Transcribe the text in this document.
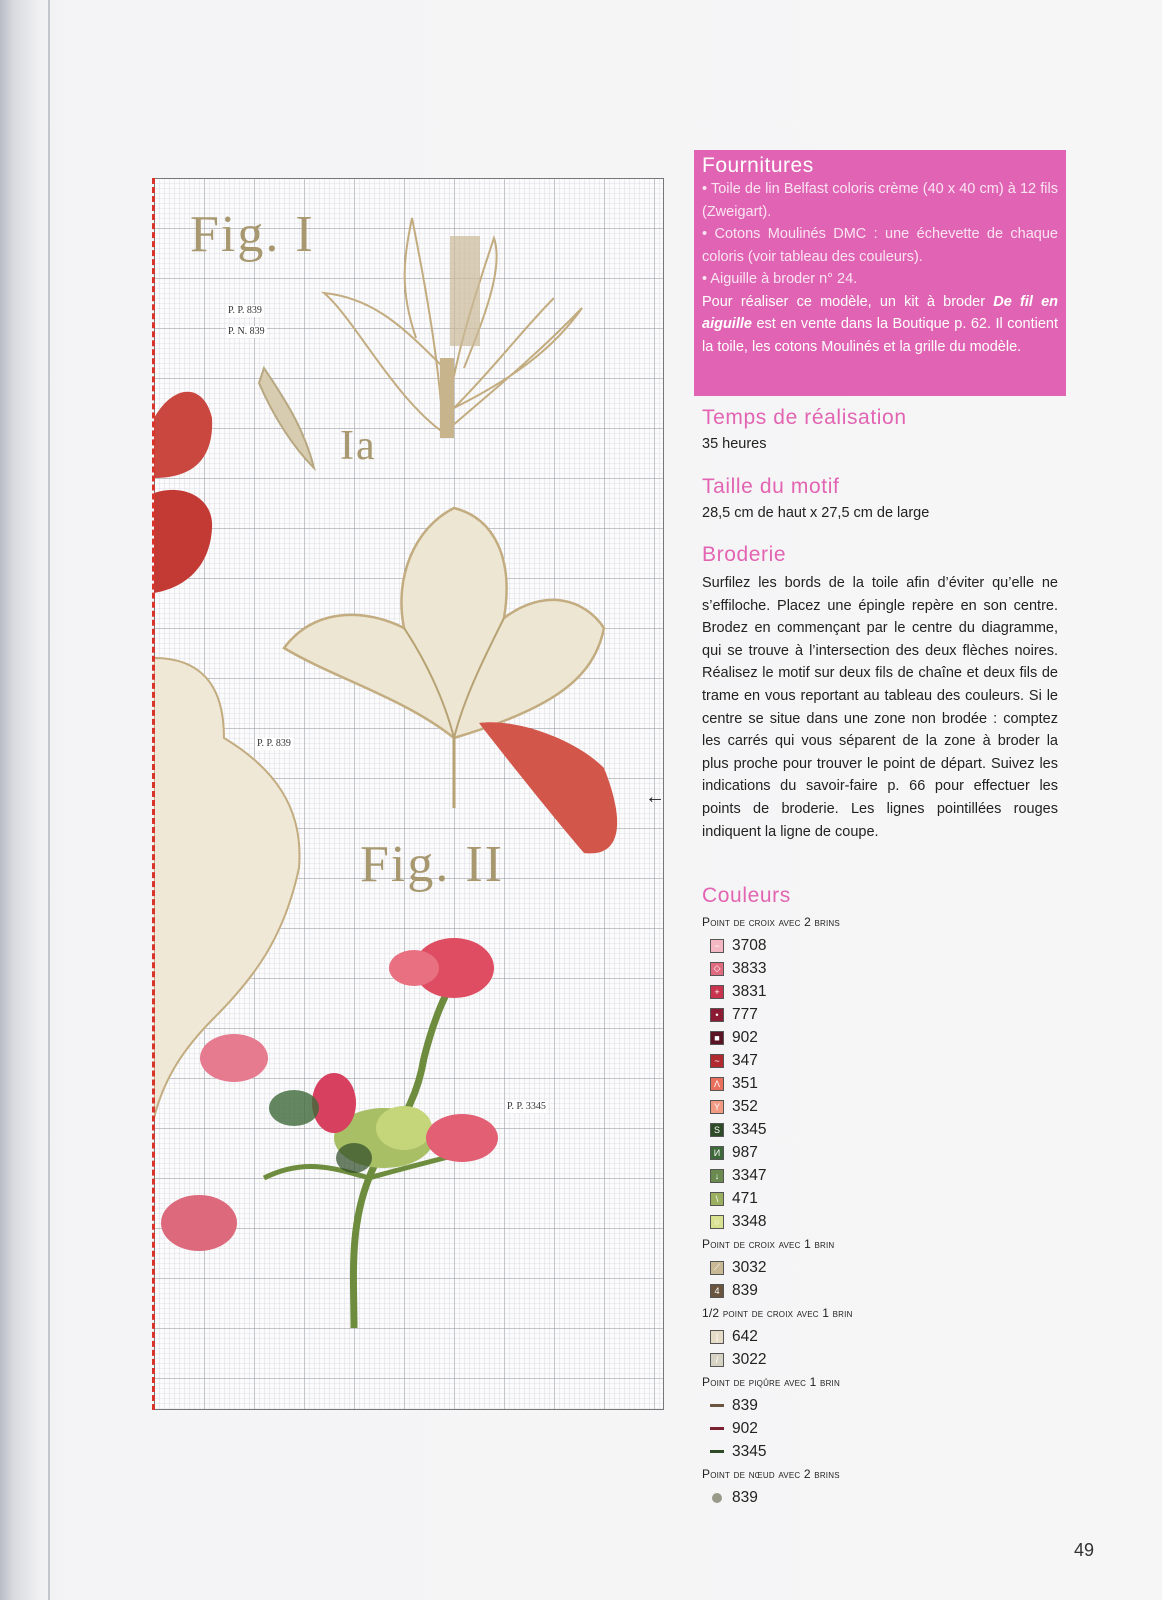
Fig. I
Ia
Fig. II
P. P. 839
P. N. 839
P. P. 839
P. P. 3345
←
Fournitures

• Toile de lin Belfast coloris crème (40 x 40 cm) à 12 fils (Zweigart).

• Cotons Moulinés DMC : une échevette de chaque coloris (voir tableau des couleurs).

• Aiguille à broder n° 24.

Pour réaliser ce modèle, un kit à broder De fil en aiguille est en vente dans la Boutique p. 62. Il contient la toile, les cotons Moulinés et la grille du modèle.

Temps de réalisation
35 heures
Taille du motif
28,5 cm de haut x 27,5 cm de large
Broderie
Surfilez les bords de la toile afin d’éviter qu’elle ne s’effiloche. Placez une épingle repère en son centre. Brodez en commençant par le centre du diagramme, qui se trouve à l’intersection des deux flèches noires. Réalisez le motif sur deux fils de chaîne et deux fils de trame en vous reportant au tableau des couleurs. Si le centre se situe dans une zone non brodée : comptez les carrés qui vous séparent de la zone à broder la plus proche pour trouver le point de départ. Suivez les indications du savoir-faire p. 66 pour effectuer les points de broderie. Les lignes pointillées rouges indiquent la ligne de coupe.
Couleurs
Point de croix avec 2 brins
− 3708
◇ 3833
+ 3831
• 777
■ 902
~ 347
Λ 351
Y 352
S 3345
И 987
↓ 3347
\ 471
○ 3348
Point de croix avec 1 brin
⟋ 3032
4 839
1/2 point de croix avec 1 brin
| 642
/ 3022
Point de piqûre avec 1 brin
839
902
3345
Point de nœud avec 2 brins
839
49
